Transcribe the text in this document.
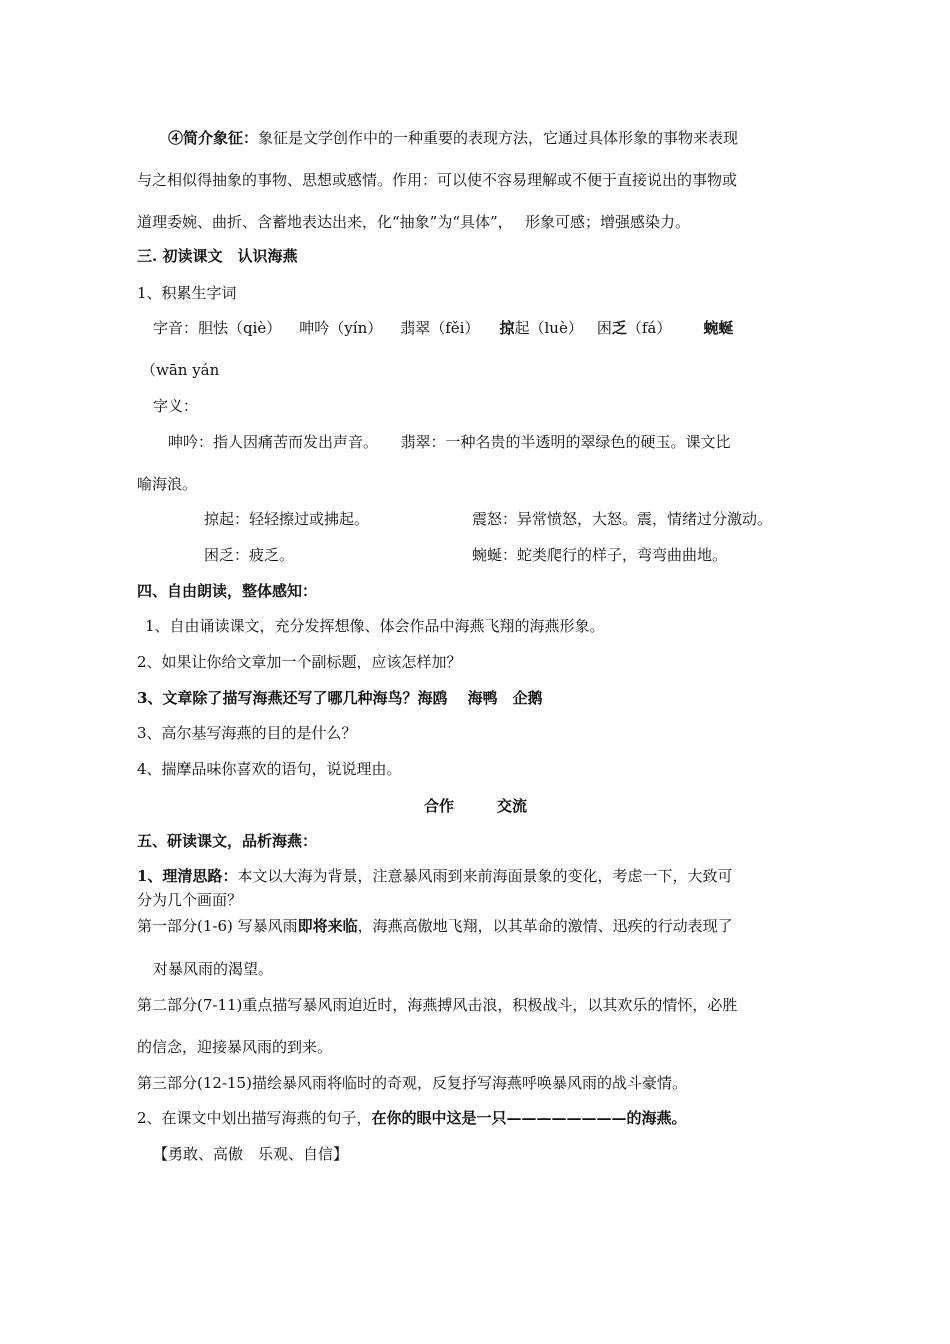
④简介象征：象征是文学创作中的一种重要的表现方法，它通过具体形象的事物来表现
与之相似得抽象的事物、思想或感情。作用：可以使不容易理解或不便于直接说出的事物或
道理委婉、曲折、含蓄地表达出来，化“抽象”为“具体”，　 形象可感；增强感染力。
三. 初读课文　认识海燕
1、积累生字词
字音：胆怯（qiè） 呻吟（yín） 翡翠（fěi） 掠起（luè） 困乏（fá） 蜿蜒
（wān yán
字义：
呻吟：指人因痛苦而发出声音。　　翡翠：一种名贵的半透明的翠绿色的硬玉。课文比
喻海浪。
掠起：轻轻擦过或拂起。	震怒：异常愤怒，大怒。震，情绪过分激动。
困乏：疲乏。	蜿蜒：蛇类爬行的样子，弯弯曲曲地。
四、自由朗读，整体感知：
1、自由诵读课文，充分发挥想像、体会作品中海燕飞翔的海燕形象。
2、如果让你给文章加一个副标题，应该怎样加？
3、文章除了描写海燕还写了哪几种海鸟？海鸥　 海鸭　企鹅
3、高尔基写海燕的目的是什么？
4、揣摩品味你喜欢的语句，说说理由。
合作	交流
五、研读课文，品析海燕：
1、理清思路：本文以大海为背景，注意暴风雨到来前海面景象的变化，考虑一下，大致可
分为几个画面？
第一部分(1-6) 写暴风雨即将来临，海燕高傲地飞翔，以其革命的激情、迅疾的行动表现了
对暴风雨的渴望。
第二部分(7-11)重点描写暴风雨迫近时，海燕搏风击浪，积极战斗，以其欢乐的情怀，必胜
的信念，迎接暴风雨的到来。
第三部分(12-15)描绘暴风雨将临时的奇观，反复抒写海燕呼唤暴风雨的战斗豪情。
2、在课文中划出描写海燕的句子，在你的眼中这是一只————————的海燕。
【勇敢、高傲　乐观、自信】
